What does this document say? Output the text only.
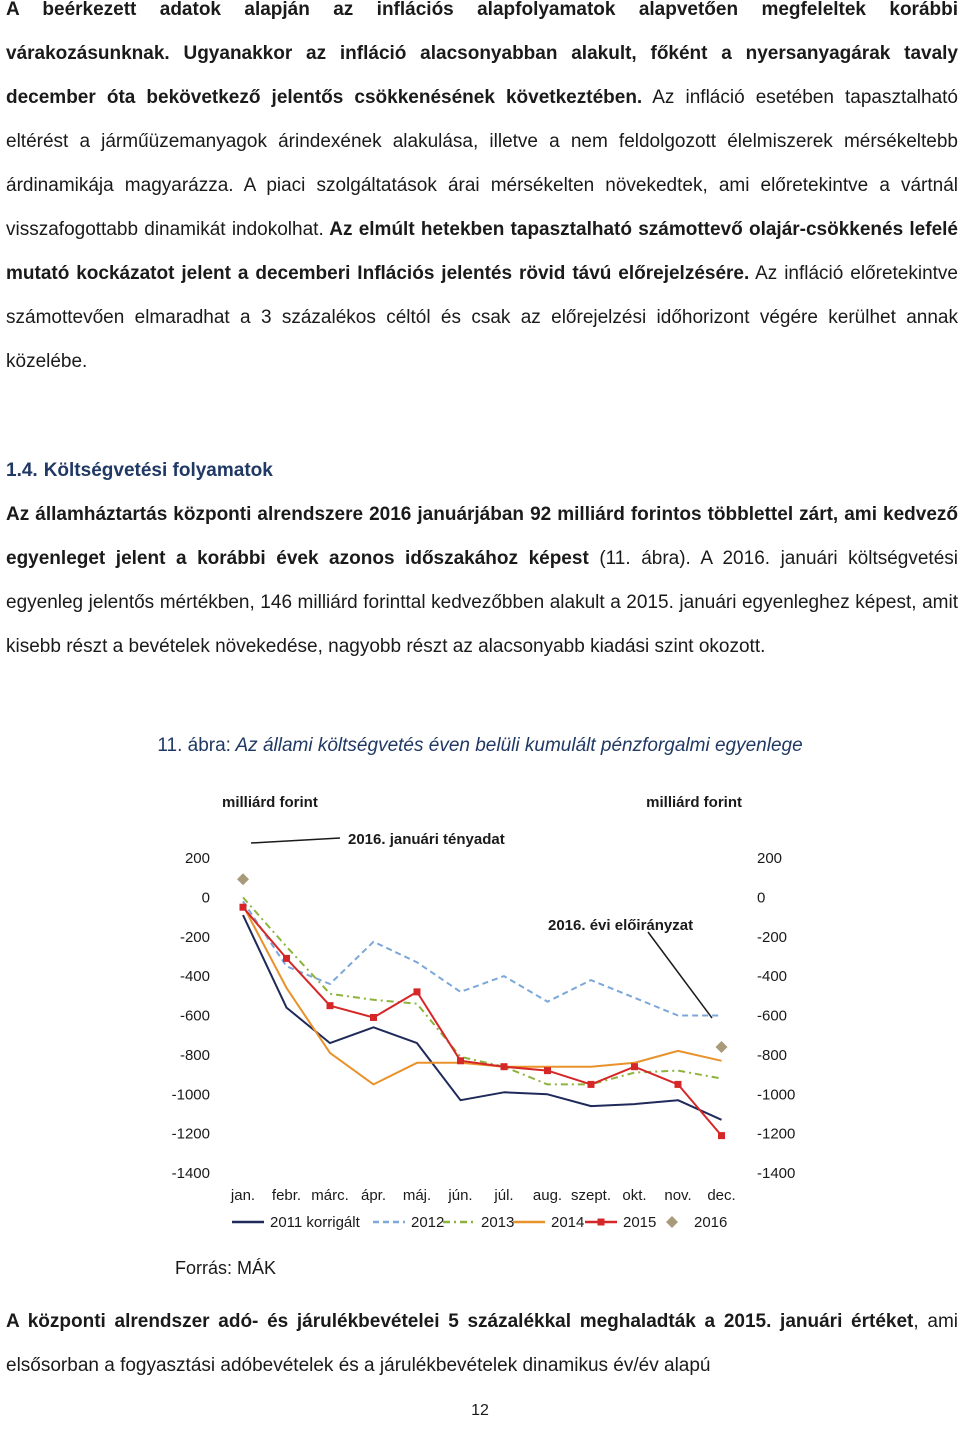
A beérkezett adatok alapján az inflációs alapfolyamatok alapvetően megfeleltek korábbi várakozásunknak. Ugyanakkor az infláció alacsonyabban alakult, főként a nyersanyagárak tavaly december óta bekövetkező jelentős csökkenésének következtében. Az infláció esetében tapasztalható eltérést a járműüzemanyagok árindexének alakulása, illetve a nem feldolgozott élelmiszerek mérsékeltebb árdinamikája magyarázza. A piaci szolgáltatások árai mérsékelten növekedtek, ami előretekintve a vártnál visszafogottabb dinamikát indokolhat. Az elmúlt hetekben tapasztalható számottevő olajár-csökkenés lefelé mutató kockázatot jelent a decemberi Inflációs jelentés rövid távú előrejelzésére. Az infláció előretekintve számottevően elmaradhat a 3 százalékos céltól és csak az előrejelzési időhorizont végére kerülhet annak közelébe.

1.4. Költségvetési folyamatok

Az államháztartás központi alrendszere 2016 januárjában 92 milliárd forintos többlettel zárt, ami kedvező egyenleget jelent a korábbi évek azonos időszakához képest (11. ábra). A 2016. januári költségvetési egyenleg jelentős mértékben, 146 milliárd forinttal kedvezőbben alakult a 2015. januári egyenleghez képest, amit kisebb részt a bevételek növekedése, nagyobb részt az alacsonyabb kiadási szint okozott.

11. ábra: Az állami költségvetés éven belüli kumulált pénzforgalmi egyenlege

200
0
-200
-400
-600
-800
-1000
-1200
-1400
200
0
-200
-400
-600
-800
-1000
-1200
-1400
jan. febr. márc. ápr. máj. jún. júl. aug. szept. okt. nov. dec.
2011 korrigált	2012 2013 2014	2015	2016
milliárd forint	milliárd forint
2016. januári tényadat
2016. évi előirányzat

Forrás: MÁK

A központi alrendszer adó- és járulékbevételei 5 százalékkal meghaladták a 2015. januári értéket, ami elsősorban a fogyasztási adóbevételek és a járulékbevételek dinamikus év/év alapú

12
